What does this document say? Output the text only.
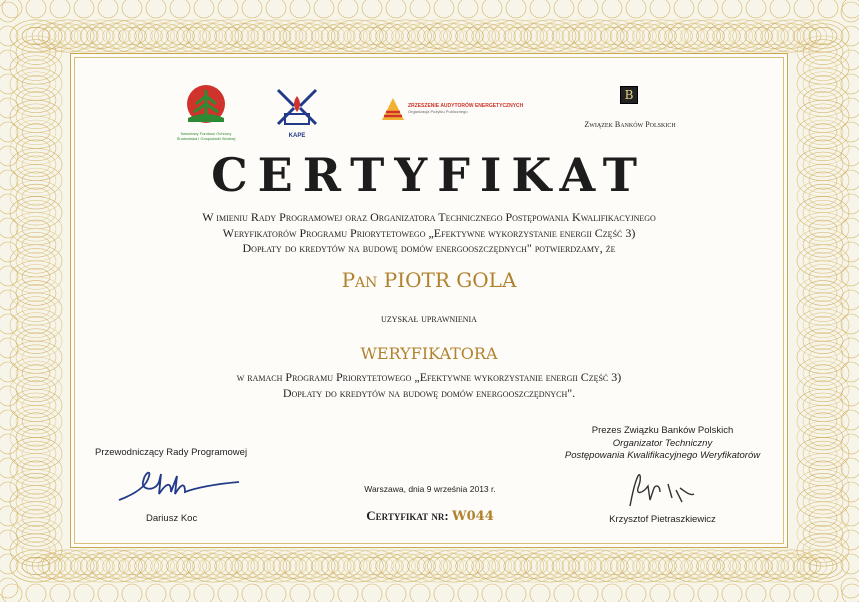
Narodowy Fundusz Ochrony
Środowiska i Gospodarki Wodnej	KAPE
ZRZESZENIE AUDYTORÓW ENERGETYCZNYCH
Organizacja Pożytku Publicznego
B
Związek Banków Polskich
CERTYFIKAT
W imieniu Rady Programowej oraz Organizatora Technicznego Postępowania Kwalifikacyjnego
Weryfikatorów Programu Priorytetowego „Efektywne wykorzystanie energii Część 3)
Dopłaty do kredytów na budowę domów energooszczędnych" potwierdzamy, że
Pan PIOTR GOLA
uzyskał uprawnienia
WERYFIKATORA
w ramach Programu Priorytetowego „Efektywne wykorzystanie energii Część 3)
Dopłaty do kredytów na budowę domów energooszczędnych".
Przewodniczący Rady Programowej
Dariusz Koc
Warszawa, dnia 9 września 2013 r.
Certyfikat nr: W044
Prezes Związku Banków Polskich
Organizator Techniczny
Postępowania Kwalifikacyjnego Weryfikatorów
Krzysztof Pietraszkiewicz
